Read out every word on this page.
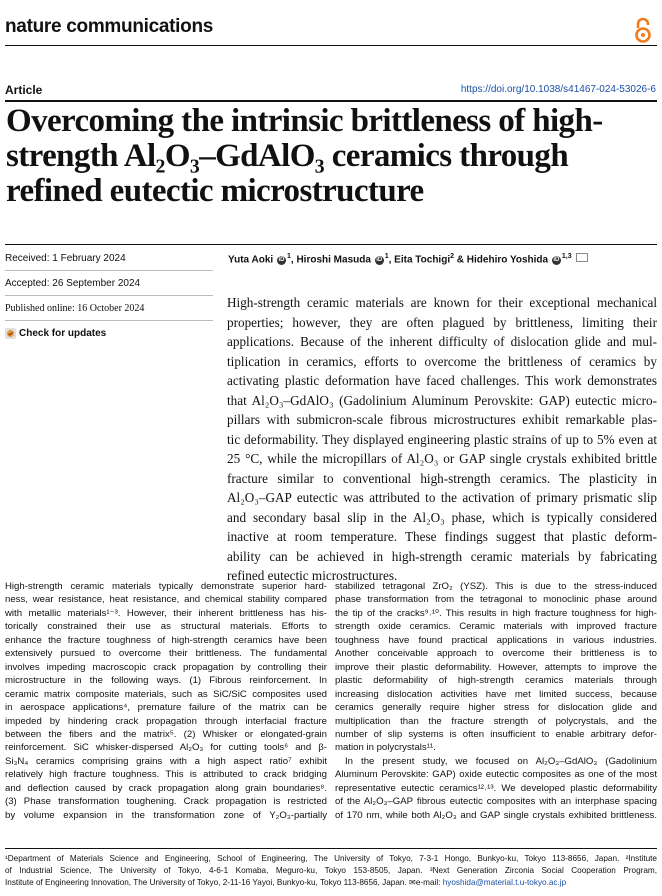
nature communications
Article	https://doi.org/10.1038/s41467-024-53026-6
Overcoming the intrinsic brittleness of high-
strength Al₂O₃–GdAlO₃ ceramics through
refined eutectic microstructure
Received: 1 February 2024
Accepted: 26 September 2024
Published online: 16 October 2024
Check for updates
Yuta Aoki $iD^1$, Hiroshi Masuda $iD^1$, Eita Tochigi$^2$ & Hidehiro Yoshida iD$^{1,3}$
High-strength ceramic materials are known for their exceptional mechanical
properties; however, they are often plagued by brittleness, limiting their
applications. Because of the inherent difficulty of dislocation glide and mul-
tiplication in ceramics, efforts to overcome the brittleness of ceramics by
activating plastic deformation have faced challenges. This work demonstrates
that Al₂O₃–GdAlO₃ (Gadolinium Aluminum Perovskite: GAP) eutectic micro-
pillars with submicron-scale fibrous microstructures exhibit remarkable plas-
tic deformability. They displayed engineering plastic strains of up to 5% even at
25 °C, while the micropillars of Al₂O₃ or GAP single crystals exhibited brittle
fracture similar to conventional high-strength ceramics. The plasticity in
Al₂O₃–GAP eutectic was attributed to the activation of primary prismatic slip
and secondary basal slip in the Al₂O₃ phase, which is typically considered
inactive at room temperature. These findings suggest that plastic deform-
ability can be achieved in high-strength ceramic materials by fabricating
refined eutectic microstructures.
High-strength ceramic materials typically demonstrate superior hard-
ness, wear resistance, heat resistance, and chemical stability compared
with metallic materials¹⁻³. However, their inherent brittleness has his-
torically constrained their use as structural materials. Efforts to
enhance the fracture toughness of high-strength ceramics have been
extensively pursued to overcome their brittleness. The fundamental
involves impeding macroscopic crack propagation by controlling their
microstructure in the following ways. (1) Fibrous reinforcement. In
ceramic matrix composite materials, such as SiC/SiC composites used
in aerospace applications⁴, premature failure of the matrix can be
impeded by hindering crack propagation through interfacial fracture
between the fibers and the matrix⁵. (2) Whisker or elongated-grain
reinforcement. SiC whisker-dispersed Al₂O₃ for cutting tools⁶ and β-
Si₃N₄ ceramics comprising grains with a high aspect ratio⁷ exhibit
relatively high fracture toughness. This is attributed to crack bridging
and deflection caused by crack propagation along grain boundaries⁸.
(3) Phase transformation toughening. Crack propagation is restricted
by volume expansion in the transformation zone of Y₂O₃-partially
stabilized tetragonal ZrO₂ (YSZ). This is due to the stress-induced
phase transformation from the tetragonal to monoclinic phase around
the tip of the cracks⁹˒¹⁰. This results in high fracture toughness for high-
strength oxide ceramics. Ceramic materials with improved fracture
toughness have found practical applications in various industries.
Another conceivable approach to overcome their brittleness is to
improve their plastic deformability. However, attempts to improve the
plastic deformability of high-strength ceramics materials through
increasing dislocation activities have met limited success, because
ceramics generally require higher stress for dislocation glide and
multiplication than the fracture strength of polycrystals, and the
number of slip systems is often insufficient to enable arbitrary defor-
mation in polycrystals¹¹.
In the present study, we focused on Al₂O₃–GdAlO₃ (Gadolinium
Aluminum Perovskite: GAP) oxide eutectic composites as one of the most
representative eutectic ceramics¹²˒¹³. We developed plastic deformability
of the Al₂O₃–GAP fibrous eutectic composites with an interphase spacing
of 170 nm, while both Al₂O₃ and GAP single crystals exhibited brittleness.
¹Department of Materials Science and Engineering, School of Engineering, The University of Tokyo, 7-3-1 Hongo, Bunkyo-ku, Tokyo 113-8656, Japan. ²Institute
of Industrial Science, The University of Tokyo, 4-6-1 Komaba, Meguro-ku, Tokyo 153-8505, Japan. ³Next Generation Zirconia Social Cooperation Program,
Institute of Engineering Innovation, The University of Tokyo, 2-11-16 Yayoi, Bunkyo-ku, Tokyo 113-8656, Japan. ✉e-mail: hyoshida@material.t.u-tokyo.ac.jp
